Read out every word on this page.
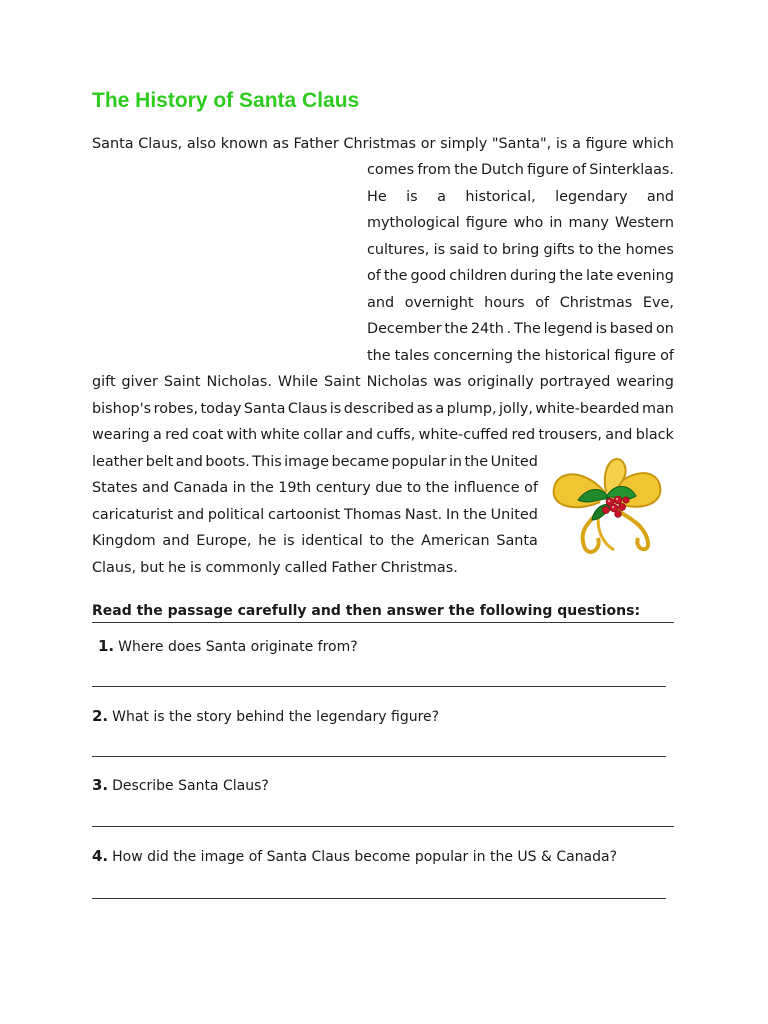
The History of Santa Claus
Santa Claus, also known as Father Christmas or simply "Santa", is a figure which
comes from the Dutch figure of Sinterklaas.
He is a historical, legendary and
mythological figure who in many Western
cultures, is said to bring gifts to the homes
of the good children during the late evening
and overnight hours of Christmas Eve,
December the 24th . The legend is based on
the tales concerning the historical figure of
gift giver Saint Nicholas. While Saint Nicholas was originally portrayed wearing
bishop's robes, today Santa Claus is described as a plump, jolly, white-bearded man
wearing a red coat with white collar and cuffs, white-cuffed red trousers, and black
leather belt and boots. This image became popular in the United
States and Canada in the 19th century due to the influence of
caricaturist and political cartoonist Thomas Nast. In the United
Kingdom and Europe, he is identical to the American Santa
Claus, but he is commonly called Father Christmas.
Read the passage carefully and then answer the following questions:
1. Where does Santa originate from?
2. What is the story behind the legendary figure?
3. Describe Santa Claus?
4. How did the image of Santa Claus become popular in the US & Canada?
